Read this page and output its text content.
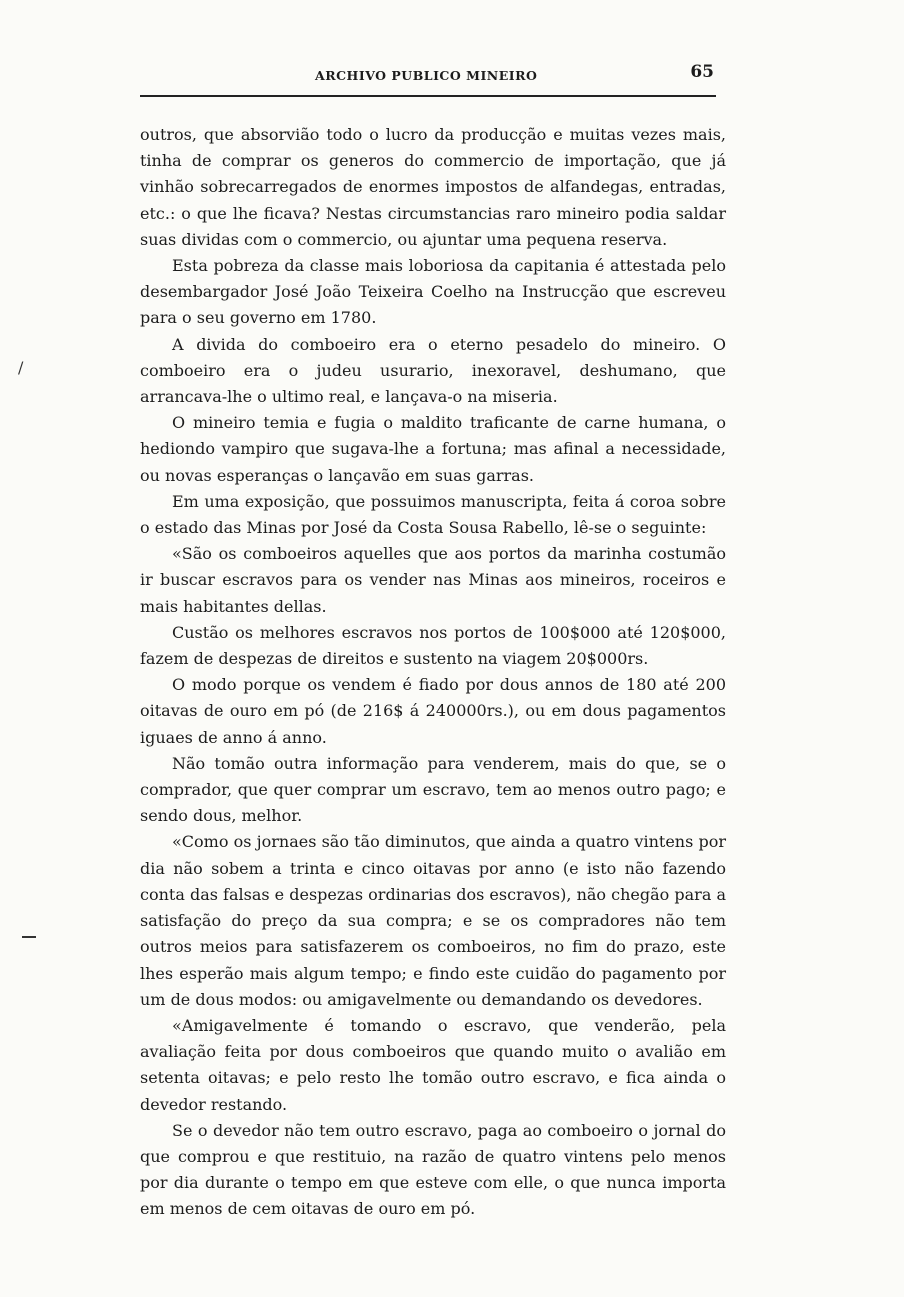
ARCHIVO PUBLICO MINEIRO	65
/

outros, que absorvião todo o lucro da producção e muitas vezes mais, tinha de comprar os generos do commercio de importação, que já vinhão sobrecarregados de enormes impostos de alfandegas, entradas, etc.: o que lhe ficava? Nestas circumstancias raro mineiro podia saldar suas dividas com o commercio, ou ajuntar uma pequena reserva.

Esta pobreza da classe mais loboriosa da capitania é attestada pelo desembargador José João Teixeira Coelho na Instrucção que escreveu para o seu governo em 1780.

A divida do comboeiro era o eterno pesadelo do mineiro. O comboeiro era o judeu usurario, inexoravel, deshumano, que arrancava-lhe o ultimo real, e lançava-o na miseria.

O mineiro temia e fugia o maldito traficante de carne humana, o hediondo vampiro que sugava-lhe a fortuna; mas afinal a necessidade, ou novas esperanças o lançavão em suas garras.

Em uma exposição, que possuimos manuscripta, feita á coroa sobre o estado das Minas por José da Costa Sousa Rabello, lê-se o seguinte:

«São os comboeiros aquelles que aos portos da marinha costumão ir buscar escravos para os vender nas Minas aos mineiros, roceiros e mais habitantes dellas.

Custão os melhores escravos nos portos de 100$000 até 120$000, fazem de despezas de direitos e sustento na viagem 20$000rs.

O modo porque os vendem é fiado por dous annos de 180 até 200 oitavas de ouro em pó (de 216$ á 240000rs.), ou em dous pagamentos iguaes de anno á anno.

Não tomão outra informação para venderem, mais do que, se o comprador, que quer comprar um escravo, tem ao menos outro pago; e sendo dous, melhor.

«Como os jornaes são tão diminutos, que ainda a quatro vintens por dia não sobem a trinta e cinco oitavas por anno (e isto não fazendo conta das falsas e despezas ordinarias dos escravos), não chegão para a satisfação do preço da sua compra; e se os compradores não tem outros meios para satisfazerem os comboeiros, no fim do prazo, este lhes esperão mais algum tempo; e findo este cuidão do pagamento por um de dous modos: ou amigavelmente ou demandando os devedores.

«Amigavelmente é tomando o escravo, que venderão, pela avaliação feita por dous comboeiros que quando muito o avalião em setenta oitavas; e pelo resto lhe tomão outro escravo, e fica ainda o devedor restando.

Se o devedor não tem outro escravo, paga ao comboeiro o jornal do que comprou e que restituio, na razão de quatro vintens pelo menos por dia durante o tempo em que esteve com elle, o que nunca importa em menos de cem oitavas de ouro em pó.
